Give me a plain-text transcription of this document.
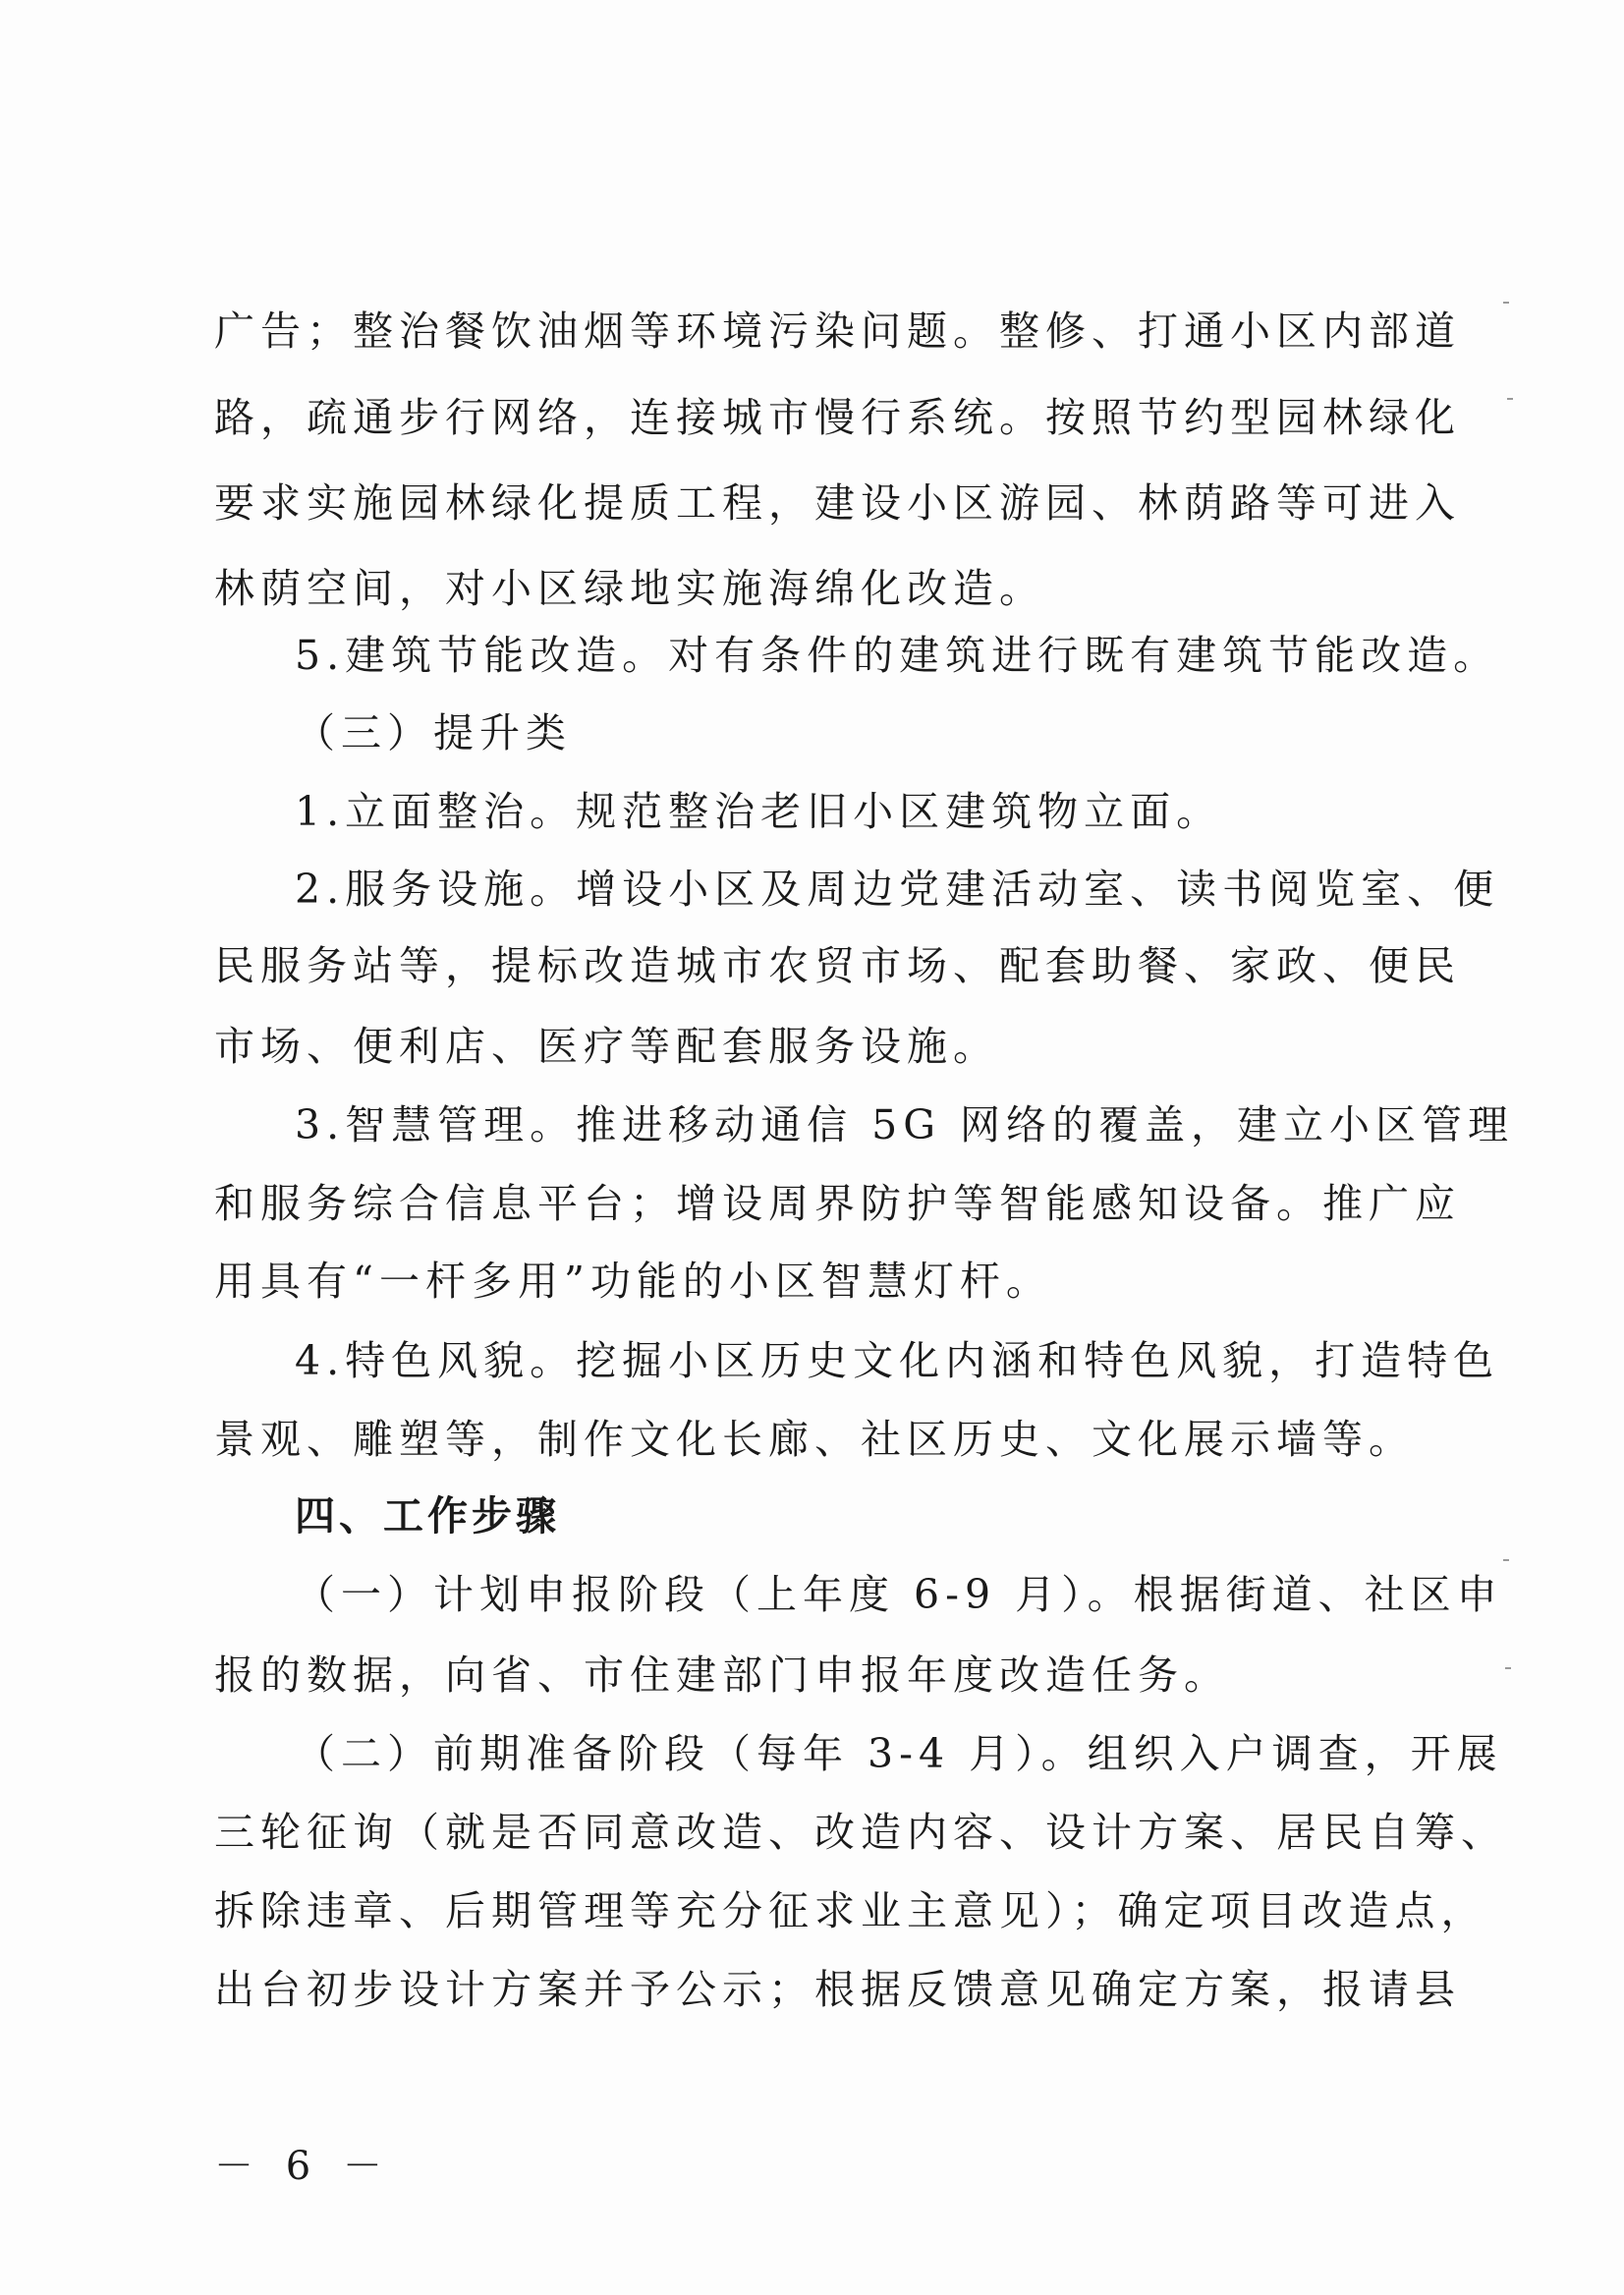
广告；整治餐饮油烟等环境污染问题。整修、打通小区内部道
路，疏通步行网络，连接城市慢行系统。按照节约型园林绿化
要求实施园林绿化提质工程，建设小区游园、林荫路等可进入
林荫空间，对小区绿地实施海绵化改造。
5.建筑节能改造。对有条件的建筑进行既有建筑节能改造。
（三）提升类
1.立面整治。规范整治老旧小区建筑物立面。
2.服务设施。增设小区及周边党建活动室、读书阅览室、便
民服务站等，提标改造城市农贸市场、配套助餐、家政、便民
市场、便利店、医疗等配套服务设施。
3.智慧管理。推进移动通信 5G 网络的覆盖，建立小区管理
和服务综合信息平台；增设周界防护等智能感知设备。推广应
用具有“一杆多用”功能的小区智慧灯杆。
4.特色风貌。挖掘小区历史文化内涵和特色风貌，打造特色
景观、雕塑等，制作文化长廊、社区历史、文化展示墙等。
四、工作步骤
（一）计划申报阶段（上年度 6-9 月）。根据街道、社区申
报的数据，向省、市住建部门申报年度改造任务。
（二）前期准备阶段（每年 3-4 月）。组织入户调查，开展
三轮征询（就是否同意改造、改造内容、设计方案、居民自筹、
拆除违章、后期管理等充分征求业主意见）；确定项目改造点，
出台初步设计方案并予公示；根据反馈意见确定方案，报请县
－ 6 －
